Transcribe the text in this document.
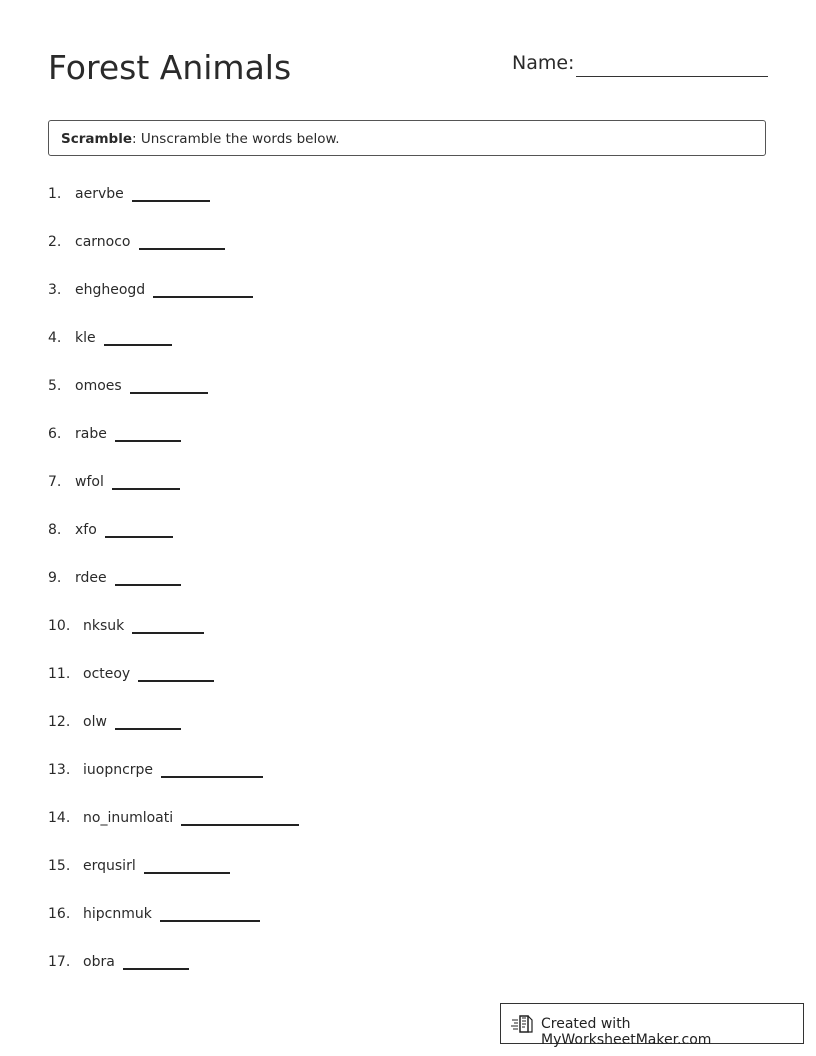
Forest Animals	Name:
Scramble: Unscramble the words below.
1. aervbe
2. carnoco
3. ehgheogd
4. kle
5. omoes
6. rabe
7. wfol
8. xfo
9. rdee
10. nksuk
11. octeoy
12. olw
13. iuopncrpe
14. no_inumloati
15. erqusirl
16. hipcnmuk
17. obra
Created with MyWorksheetMaker.com
